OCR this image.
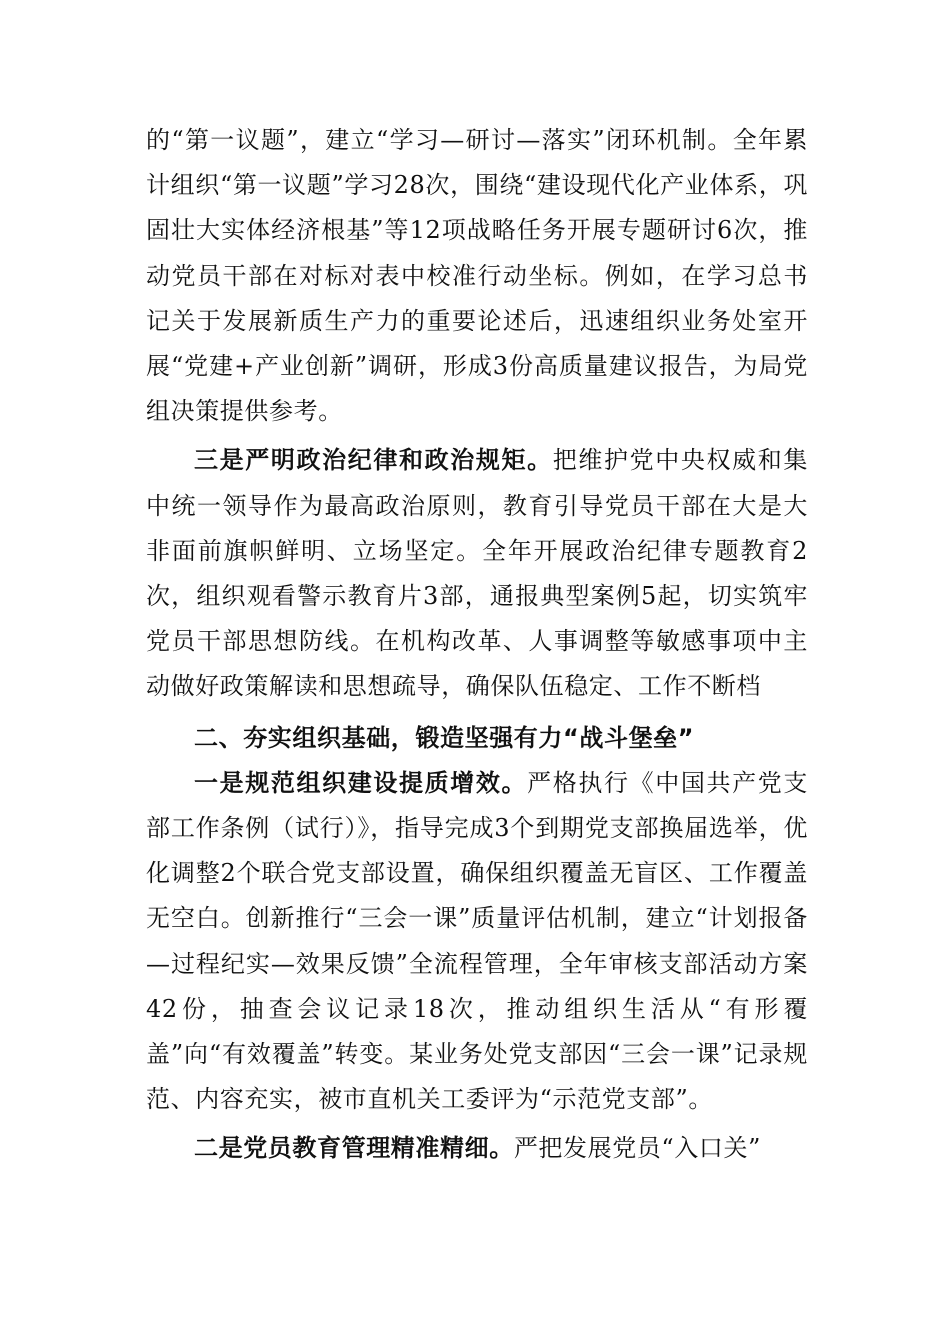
的“第一议题”，建立“学习—研讨—落实”闭环机制。全年累计组织“第一议题”学习28次，围绕“建设现代化产业体系，巩固壮大实体经济根基”等12项战略任务开展专题研讨6次，推动党员干部在对标对表中校准行动坐标。例如，在学习总书记关于发展新质生产力的重要论述后，迅速组织业务处室开展“党建+产业创新”调研，形成3份高质量建议报告，为局党组决策提供参考。

三是严明政治纪律和政治规矩。把维护党中央权威和集中统一领导作为最高政治原则，教育引导党员干部在大是大非面前旗帜鲜明、立场坚定。全年开展政治纪律专题教育2次，组织观看警示教育片3部，通报典型案例5起，切实筑牢党员干部思想防线。在机构改革、人事调整等敏感事项中主动做好政策解读和思想疏导，确保队伍稳定、工作不断档

二、夯实组织基础，锻造坚强有力“战斗堡垒”

一是规范组织建设提质增效。严格执行《中国共产党支部工作条例（试行）》，指导完成3个到期党支部换届选举，优化调整2个联合党支部设置，确保组织覆盖无盲区、工作覆盖无空白。创新推行“三会一课”质量评估机制，建立“计划报备—过程纪实—效果反馈”全流程管理，全年审核支部活动方案42份，抽查会议记录18次，推动组织生活从“有形覆盖”向“有效覆盖”转变。某业务处党支部因“三会一课”记录规范、内容充实，被市直机关工委评为“示范党支部”。

二是党员教育管理精准精细。严把发展党员“入口关”
